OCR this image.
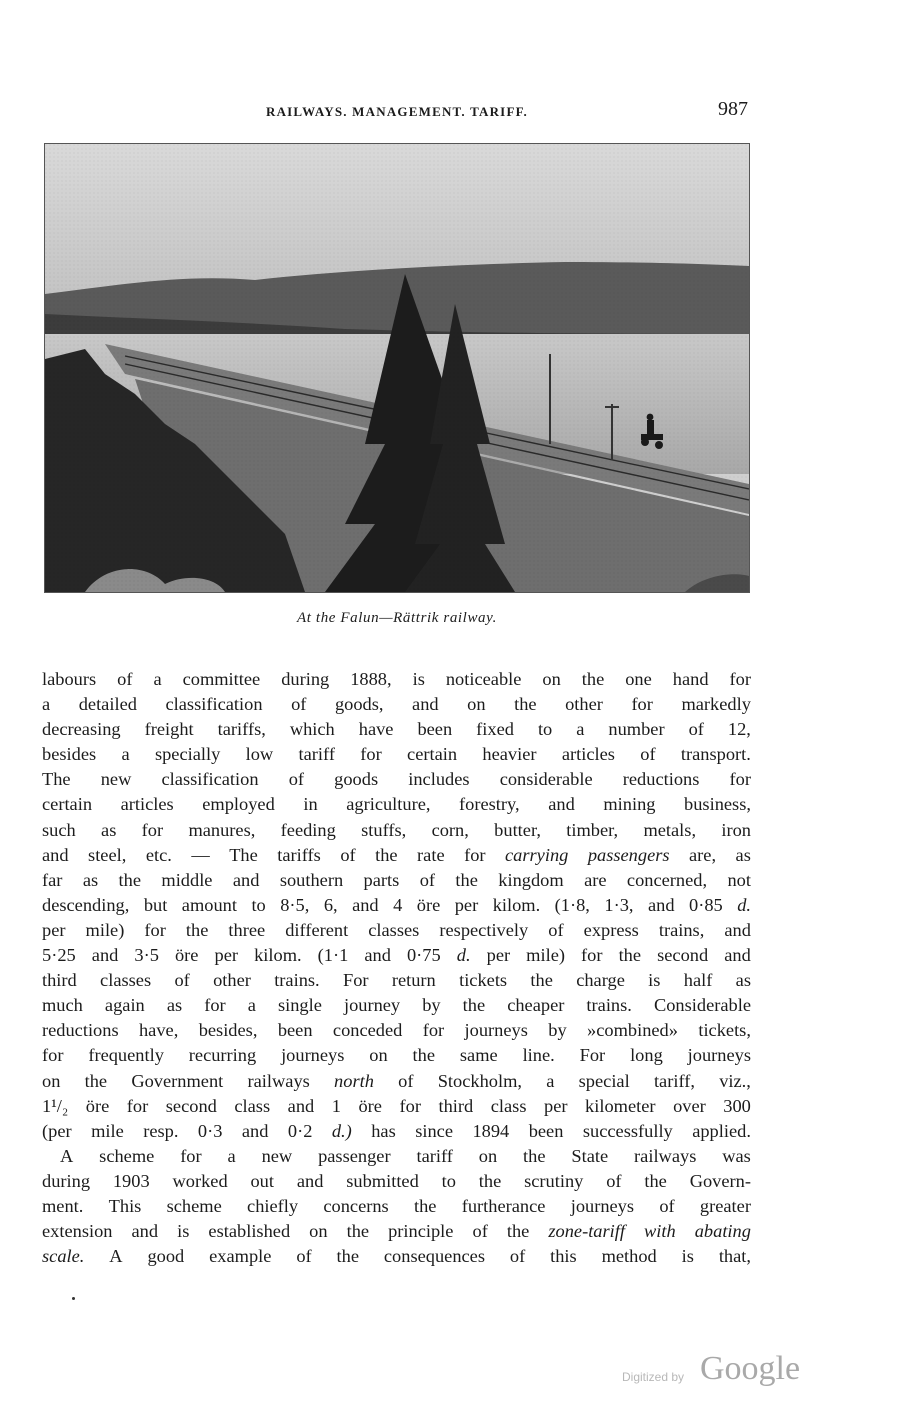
RAILWAYS. MANAGEMENT. TARIFF.	987
At the Falun—Rättrik railway.
labours of a committee during 1888, is noticeable on the one hand for
a detailed classification of goods, and on the other for markedly
decreasing freight tariffs, which have been fixed to a number of 12,
besides a specially low tariff for certain heavier articles of transport.
The new classification of goods includes considerable reductions for
certain articles employed in agriculture, forestry, and mining business,
such as for manures, feeding stuffs, corn, butter, timber, metals, iron
and steel, etc. — The tariffs of the rate for carrying passengers are, as
far as the middle and southern parts of the kingdom are concerned, not
descending, but amount to 8·5, 6, and 4 öre per kilom. (1·8, 1·3, and 0·85 d.
per mile) for the three different classes respectively of express trains, and
5·25 and 3·5 öre per kilom. (1·1 and 0·75 d. per mile) for the second and
third classes of other trains. For return tickets the charge is half as
much again as for a single journey by the cheaper trains. Considerable
reductions have, besides, been conceded for journeys by »combined» tickets,
for frequently recurring journeys on the same line. For long journeys
on the Government railways north of Stockholm, a special tariff, viz.,
1¹/₂ öre for second class and 1 öre for third class per kilometer over 300
(per mile resp. 0·3 and 0·2 d.) has since 1894 been successfully applied.
A scheme for a new passenger tariff on the State railways was
during 1903 worked out and submitted to the scrutiny of the Govern-
ment. This scheme chiefly concerns the furtherance journeys of greater
extension and is established on the principle of the zone-tariff with abating
scale. A good example of the consequences of this method is that,
Digitized by Google
